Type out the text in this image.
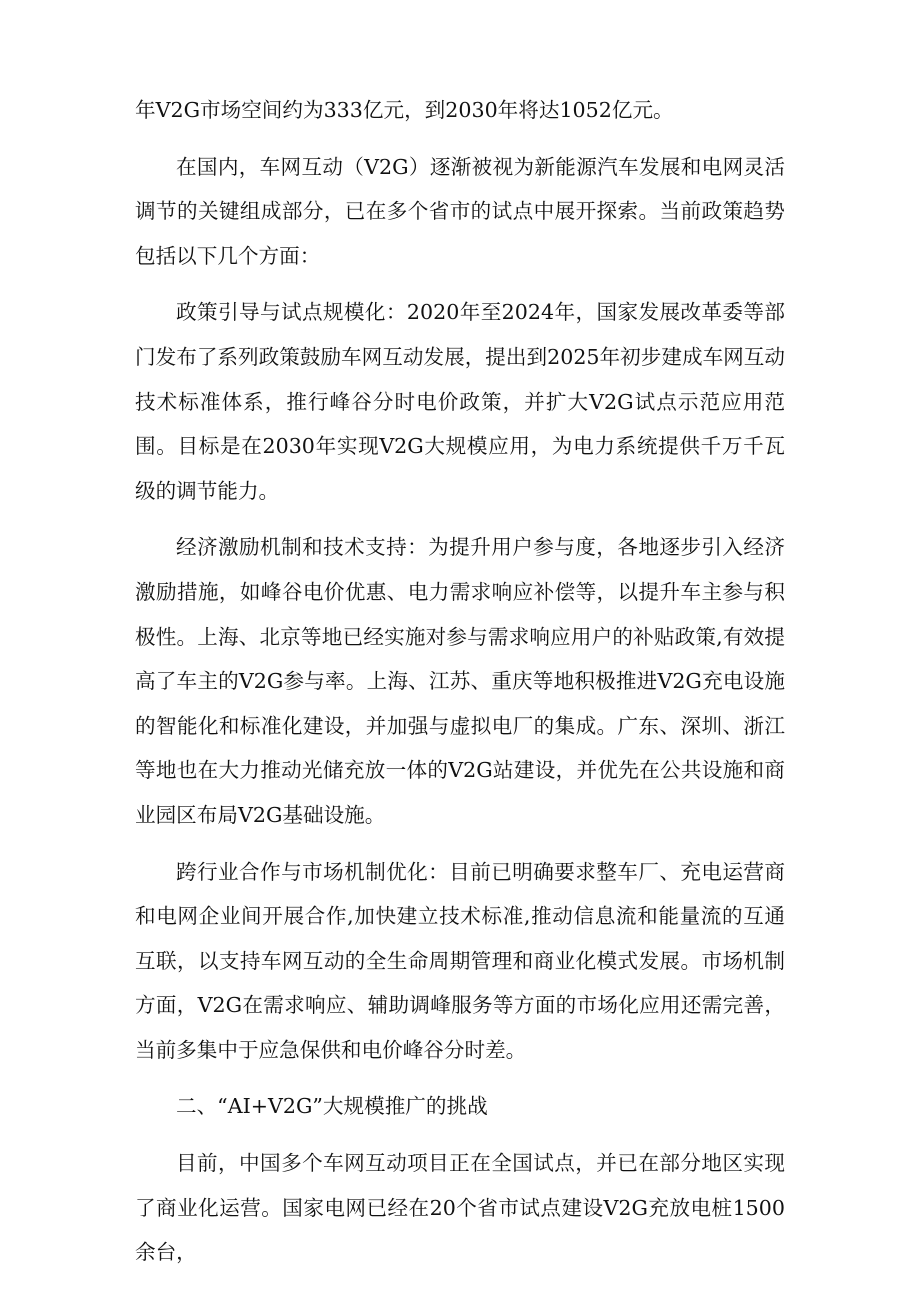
年V2G市场空间约为333亿元，到2030年将达1052亿元。

在国内，车网互动（V2G）逐渐被视为新能源汽车发展和电网灵活调节的关键组成部分，已在多个省市的试点中展开探索。当前政策趋势包括以下几个方面：

政策引导与试点规模化：2020年至2024年，国家发展改革委等部门发布了系列政策鼓励车网互动发展，提出到2025年初步建成车网互动技术标准体系，推行峰谷分时电价政策，并扩大V2G试点示范应用范围。目标是在2030年实现V2G大规模应用，为电力系统提供千万千瓦级的调节能力。

经济激励机制和技术支持：为提升用户参与度，各地逐步引入经济激励措施，如峰谷电价优惠、电力需求响应补偿等，以提升车主参与积极性。上海、北京等地已经实施对参与需求响应用户的补贴政策,有效提高了车主的V2G参与率。上海、江苏、重庆等地积极推进V2G充电设施的智能化和标准化建设，并加强与虚拟电厂的集成。广东、深圳、浙江等地也在大力推动光储充放一体的V2G站建设，并优先在公共设施和商业园区布局V2G基础设施。

跨行业合作与市场机制优化：目前已明确要求整车厂、充电运营商和电网企业间开展合作,加快建立技术标准,推动信息流和能量流的互通互联，以支持车网互动的全生命周期管理和商业化模式发展。市场机制方面，V2G在需求响应、辅助调峰服务等方面的市场化应用还需完善，当前多集中于应急保供和电价峰谷分时差。

二、“AI+V2G”大规模推广的挑战

目前，中国多个车网互动项目正在全国试点，并已在部分地区实现了商业化运营。国家电网已经在20个省市试点建设V2G充放电桩1500余台，
